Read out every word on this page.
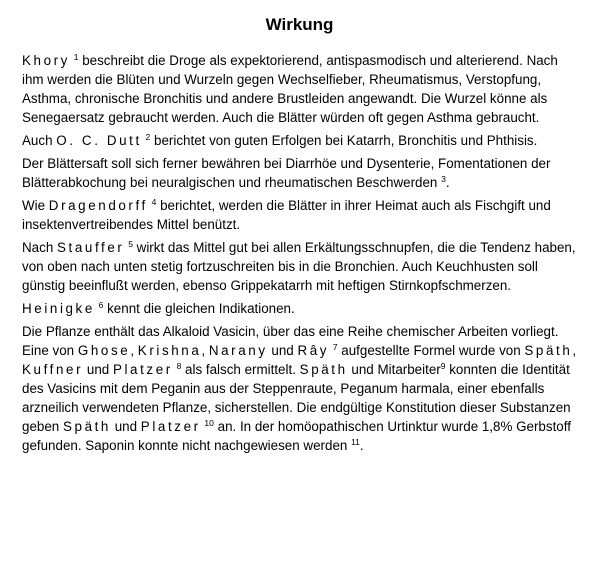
Wirkung

Khory $^1$ beschreibt die Droge als expektorierend, antispasmodisch und alterierend. Nach ihm werden die Blüten und Wurzeln gegen Wechselfieber, Rheumatismus, Verstopfung, Asthma, chronische Bronchitis und andere Brustleiden angewandt. Die Wurzel könne als Senegaersatz gebraucht werden. Auch die Blätter würden oft gegen Asthma gebraucht.

Auch O. C. Dutt $^2$ berichtet von guten Erfolgen bei Katarrh, Bronchitis und Phthisis.

Der Blättersaft soll sich ferner bewähren bei Diarrhöe und Dysenterie, Fomentationen der Blätterabkochung bei neuralgischen und rheumatischen Beschwerden $^3$.

Wie Dragendorff $^4$ berichtet, werden die Blätter in ihrer Heimat auch als Fischgift und insektenvertreibendes Mittel benützt.

Nach Stauffer $^5$ wirkt das Mittel gut bei allen Erkältungsschnupfen, die die Tendenz haben, von oben nach unten stetig fortzuschreiten bis in die Bronchien. Auch Keuchhusten soll günstig beeinflußt werden, ebenso Grippekatarrh mit heftigen Stirnkopfschmerzen.

Heinigke $^6$ kennt die gleichen Indikationen.

Die Pflanze enthält das Alkaloid Vasicin, über das eine Reihe chemischer Arbeiten vorliegt. Eine von Ghose, Krishna, Narany und Rây $^7$ aufgestellte Formel wurde von Späth, Kuffner und Platzer $^8$ als falsch ermittelt. Späth und Mitarbeiter$^9$ konnten die Identität des Vasicins mit dem Peganin aus der Steppenraute, Peganum harmala, einer ebenfalls arzneilich verwendeten Pflanze, sicherstellen. Die endgültige Konstitution dieser Substanzen geben Späth und Platzer $^{10}$ an. In der homöopathischen Urtinktur wurde 1,8% Gerbstoff gefunden. Saponin konnte nicht nachgewiesen werden $^{11}$.
